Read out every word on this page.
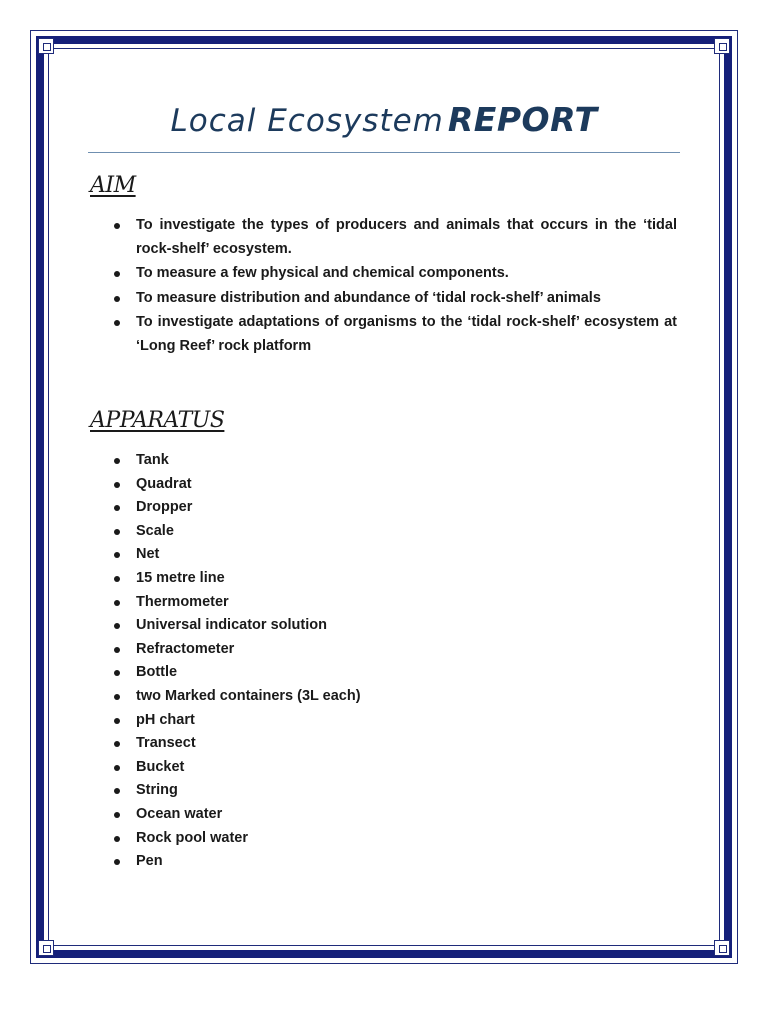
Local Ecosystem REPORT
AIM
To investigate the types of producers and animals that occurs in the ‘tidal rock-shelf’ ecosystem.
To measure a few physical and chemical components.
To measure distribution and abundance of ‘tidal rock-shelf’ animals
To investigate adaptations of organisms to the ‘tidal rock-shelf’ ecosystem at ‘Long Reef’ rock platform
APPARATUS
Tank
Quadrat
Dropper
Scale
Net
15 metre line
Thermometer
Universal indicator solution
Refractometer
Bottle
two Marked containers (3L each)
pH chart
Transect
Bucket
String
Ocean water
Rock pool water
Pen
